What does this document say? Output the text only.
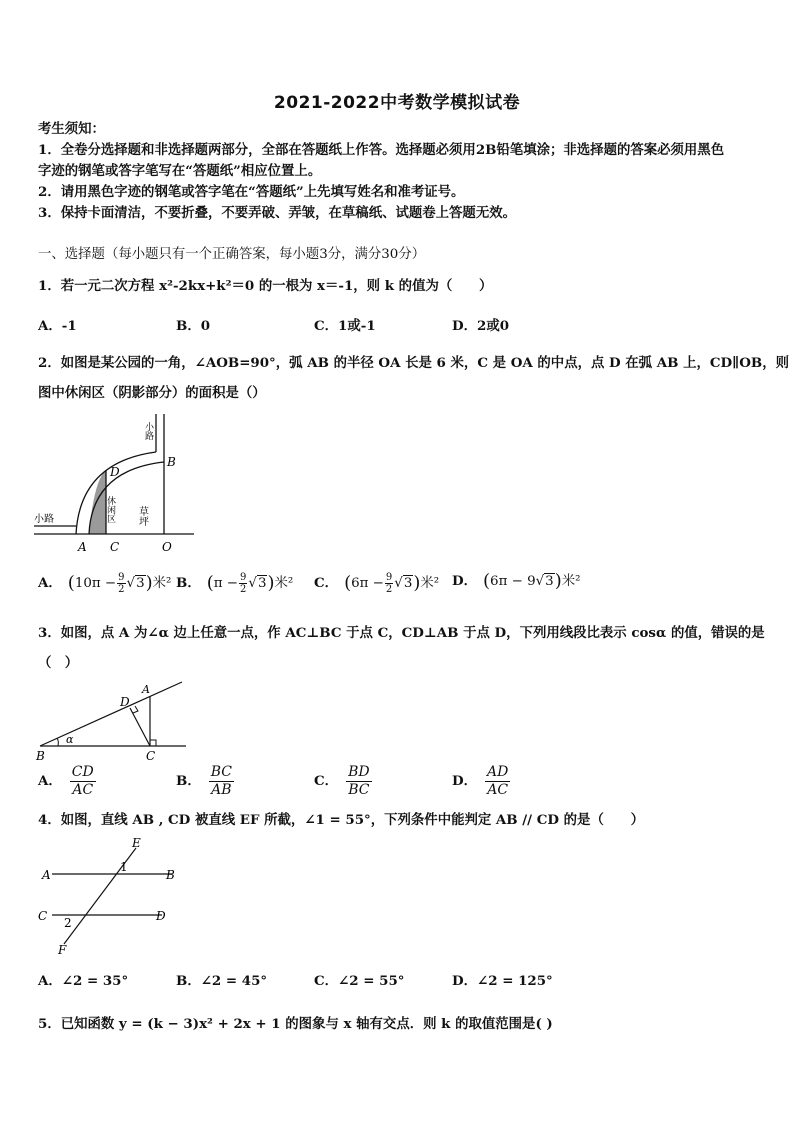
2021-2022中考数学模拟试卷
考生须知：
1．全卷分选择题和非选择题两部分，全部在答题纸上作答。选择题必须用2B铅笔填涂；非选择题的答案必须用黑色
字迹的钢笔或答字笔写在“答题纸”相应位置上。
2．请用黑色字迹的钢笔或答字笔在“答题纸”上先填写姓名和准考证号。
3．保持卡面清洁，不要折叠，不要弄破、弄皱，在草稿纸、试题卷上答题无效。
一、选择题（每小题只有一个正确答案，每小题3分，满分30分）
1．若一元二次方程 x²-2kx+k²＝0 的一根为 x＝-1，则 k 的值为（　　）
A．-1	B．0	C．1或-1	D．2或0
2．如图是某公园的一角，∠AOB=90°，弧 AB 的半径 OA 长是 6 米，C 是 OA 的中点，点 D 在弧 AB 上，CD∥OB，则
图中休闲区（阴影部分）的面积是（）
小路
小路	休闲区 草坪
D
B
A C	O
A． $(10\pi - \frac{9}{2} √3)$米² B． $(\pi - \frac{9}{2} √3)$米² C． $(6\pi - \frac{9}{2} √3)$米² D． (6π − 9√3)米²
3．如图，点 A 为∠α 边上任意一点，作 AC⊥BC 于点 C，CD⊥AB 于点 D，下列用线段比表示 cosα 的值，错误的是
（　）
B	C
D
A
α
A． $\frac{CD}{AC}$	B． $\frac{BC}{AB}$	C． $\frac{BD}{BC}$	D． $\frac{AD}{AC}$
4．如图，直线 AB , CD 被直线 EF 所截，∠1 = 55°，下列条件中能判定 AB // CD 的是（　　）
E
F
A	B
C	D
1
2
A．∠2 = 35°	B．∠2 = 45°	C．∠2 = 55°	D．∠2 = 125°
5．已知函数 y = (k − 3)x² + 2x + 1 的图象与 x 轴有交点．则 k 的取值范围是( )
